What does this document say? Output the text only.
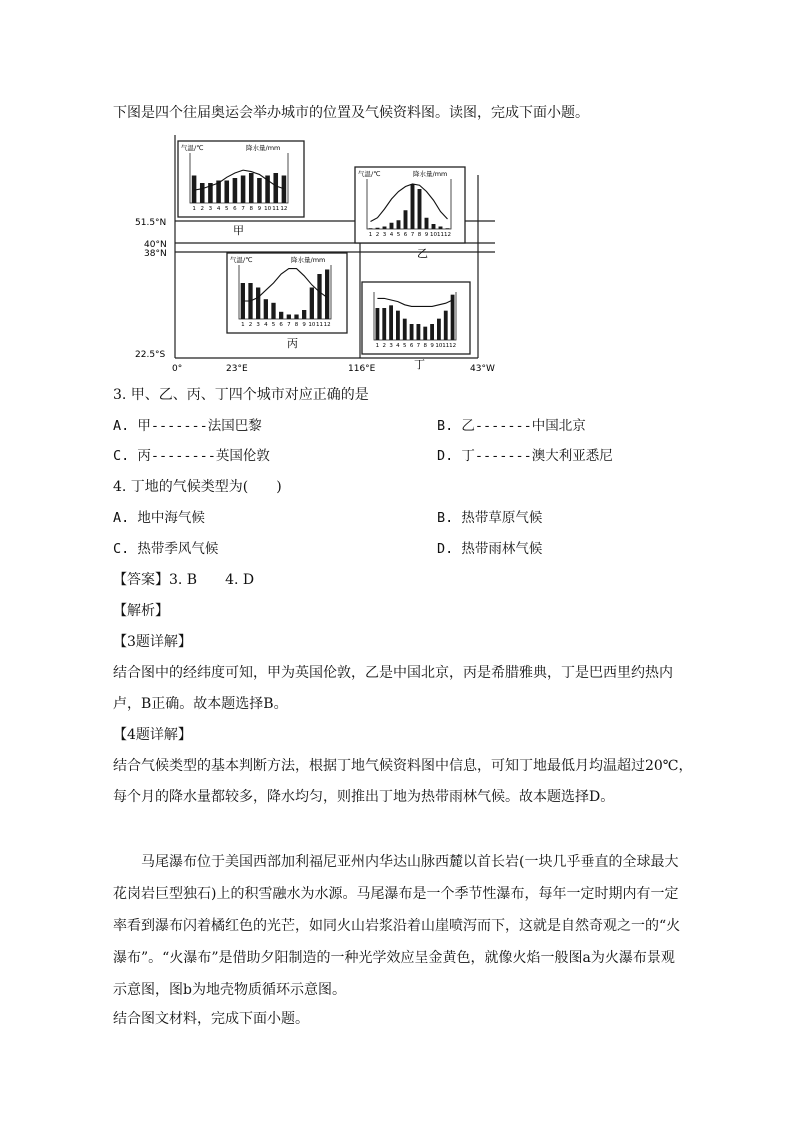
下图是四个往届奥运会举办城市的位置及气候资料图。读图，完成下面小题。
51.5°N
40°N
38°N
22.5°S
0°	23°E	116°E	43°W
气温/℃	降水量/mm
1 2 3 4 5 6 7 8 9 10 11 12
甲
气温/℃	降水量/mm
1 2 3 4 5 6 7 8 9 10 11 12
乙
气温/℃	降水量/mm
1 2 3 4 5 6 7 8 9 10 11 12
丙	1 2 3 4 5 6 7 8 9 10 11 12
丁
3. 甲、乙、丙、丁四个城市对应正确的是
A. 甲-------法国巴黎	B. 乙-------中国北京
C. 丙--------英国伦敦	D. 丁-------澳大利亚悉尼
4. 丁地的气候类型为(　　)
A. 地中海气候	B. 热带草原气候
C. 热带季风气候	D. 热带雨林气候
【答案】3. B　　4. D
【解析】
【3题详解】
结合图中的经纬度可知，甲为英国伦敦，乙是中国北京，丙是希腊雅典，丁是巴西里约热内
卢，B正确。故本题选择B。
【4题详解】
结合气候类型的基本判断方法，根据丁地气候资料图中信息，可知丁地最低月均温超过20℃，
每个月的降水量都较多，降水均匀，则推出丁地为热带雨林气候。故本题选择D。
马尾瀑布位于美国西部加利福尼亚州内华达山脉西麓以首长岩(一块几乎垂直的全球最大花岗岩巨型独石)上的积雪融水为水源。马尾瀑布是一个季节性瀑布，每年一定时期内有一定率看到瀑布闪着橘红色的光芒，如同火山岩浆沿着山崖喷泻而下，这就是自然奇观之一的“火瀑布”。“火瀑布”是借助夕阳制造的一种光学效应呈金黄色，就像火焰一般图a为火瀑布景观示意图，图b为地壳物质循环示意图。
结合图文材料，完成下面小题。
